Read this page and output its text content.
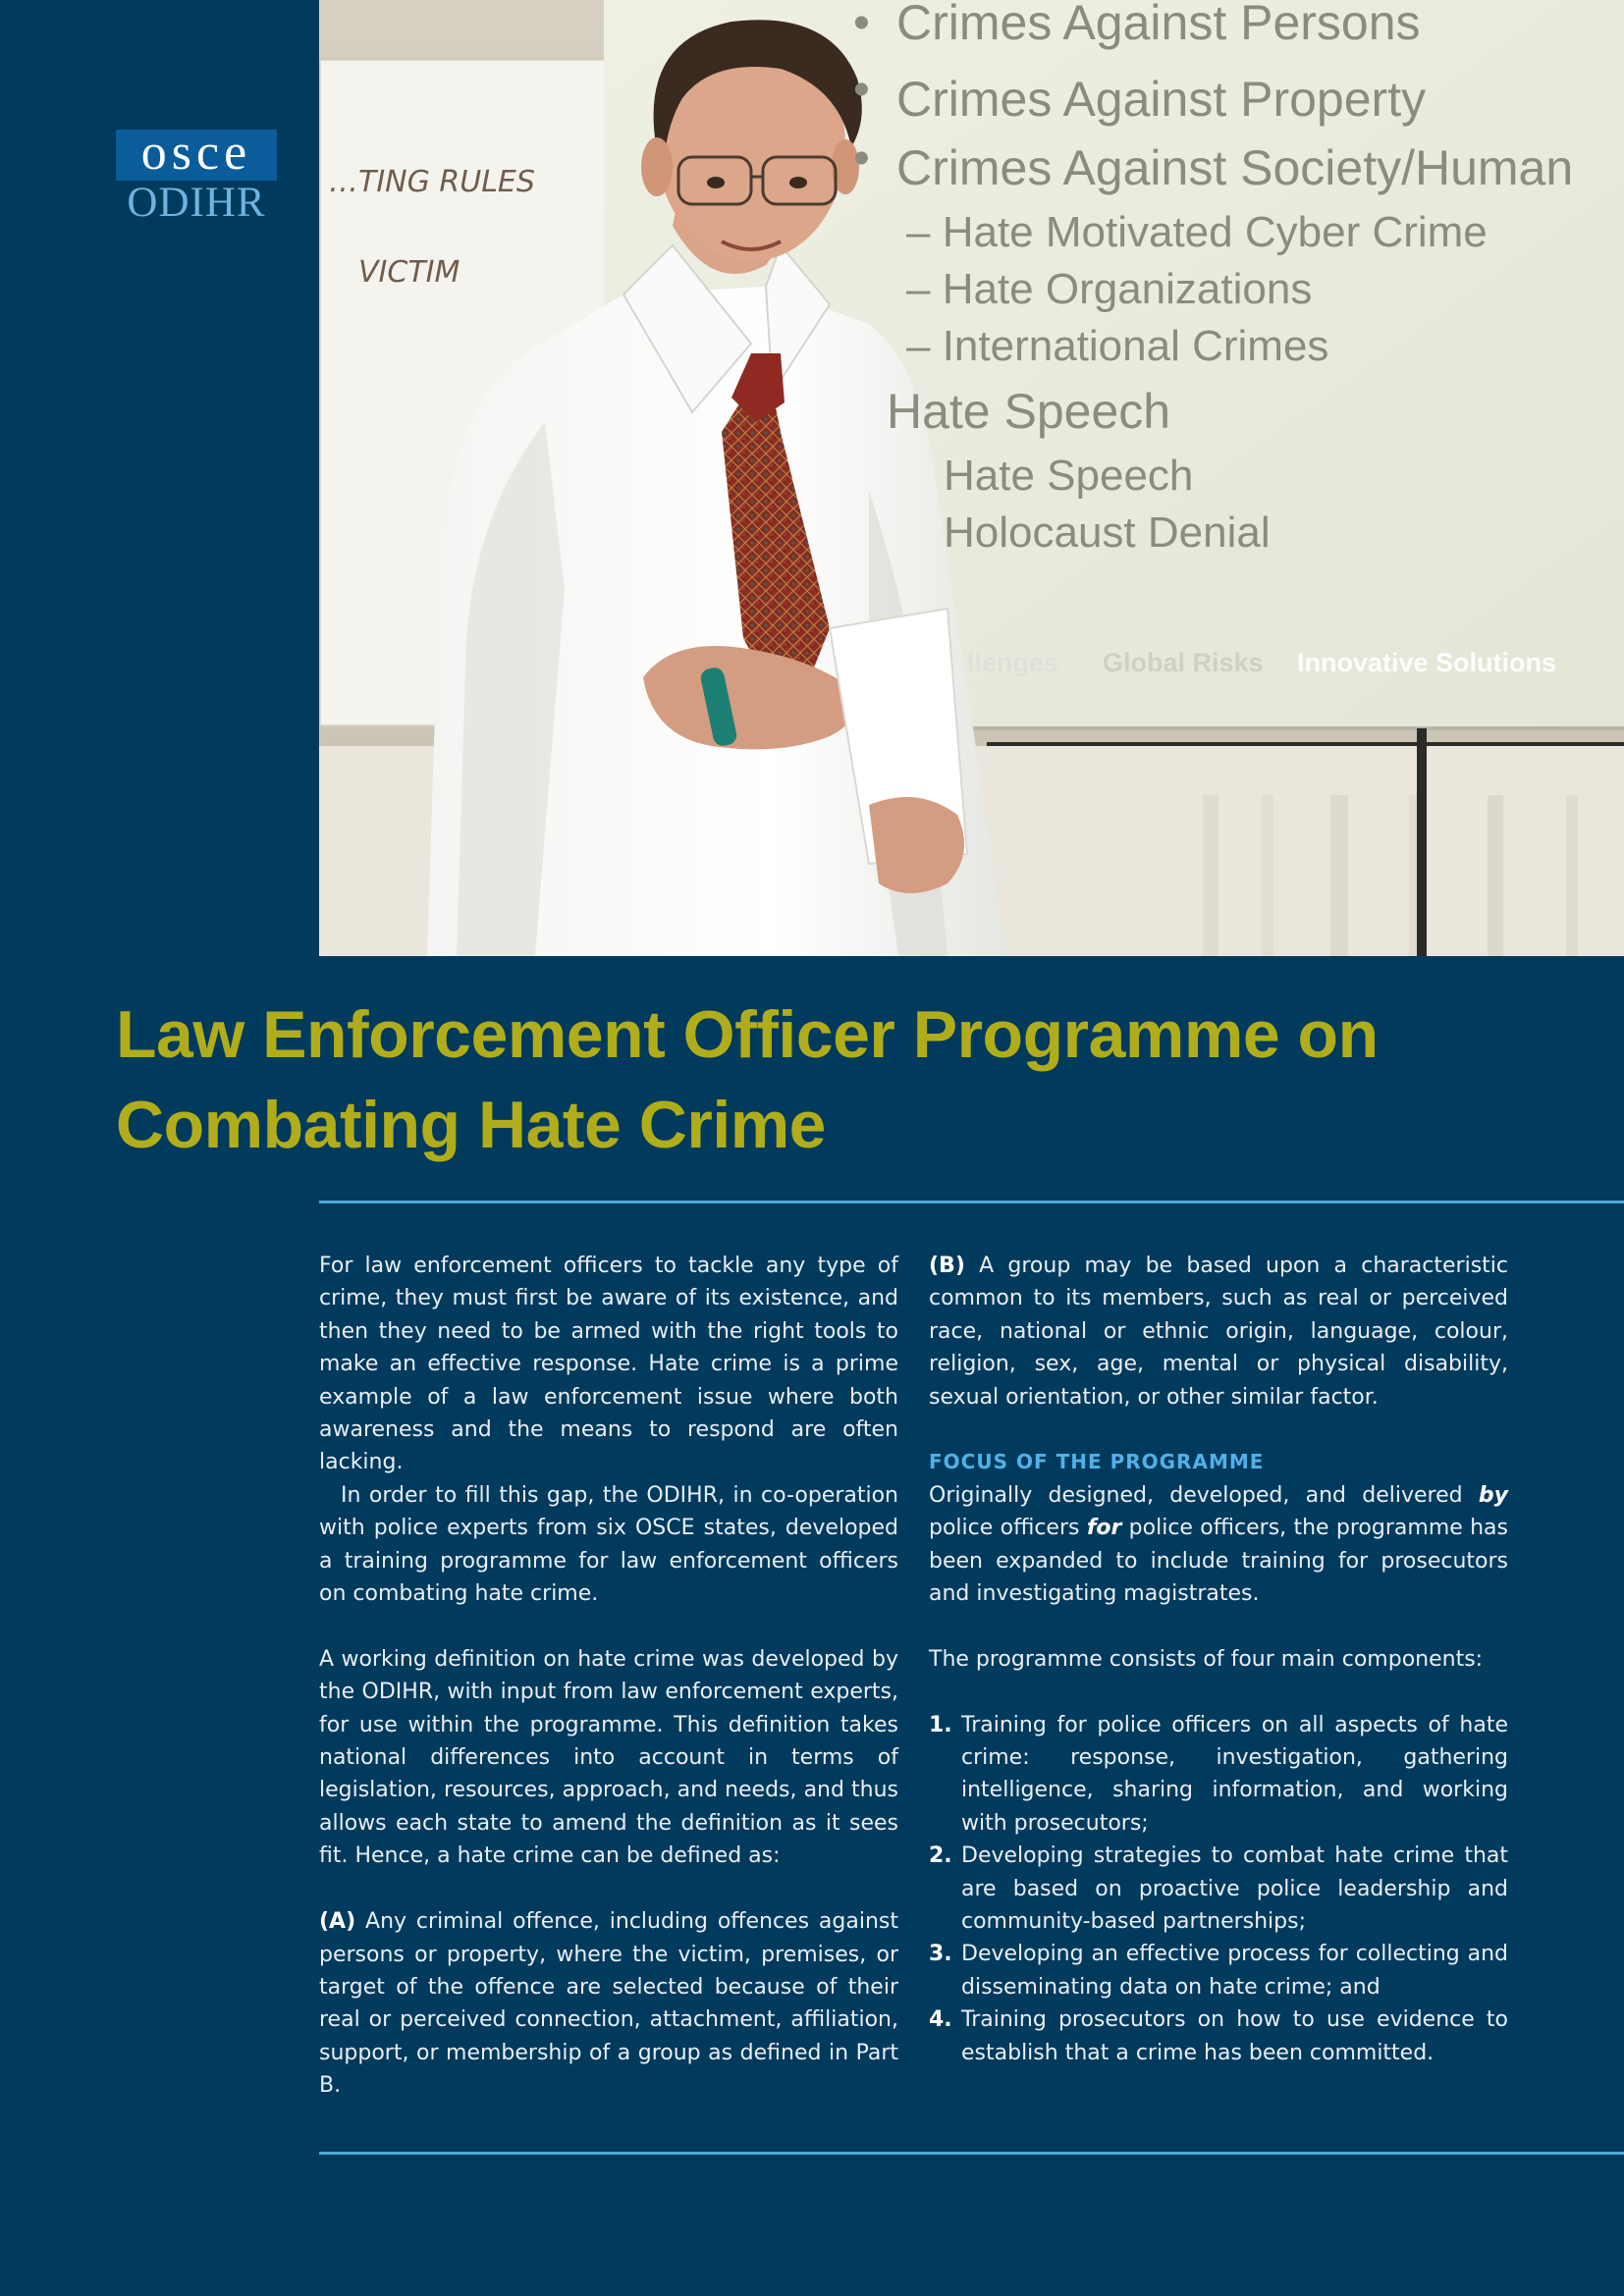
osce
ODIHR	…TING RULES
VICTIM
• Crimes Against Persons
• Crimes Against Property
• Crimes Against Society/Human
– Hate Motivated Cyber Crime
– Hate Organizations
– International Crimes
Hate Speech
Hate Speech
Holocaust Denial
llenges Global Risks Innovative Solutions
Law Enforcement Officer Programme on Combating Hate Crime

For law enforcement officers to tackle any type of crime, they must first be aware of its existence, and then they need to be armed with the right tools to make an effective response. Hate crime is a prime example of a law enforcement issue where both awareness and the means to respond are often lacking.

In order to fill this gap, the ODIHR, in co-operation with police experts from six OSCE states, developed a training programme for law enforcement officers on combating hate crime.

A working definition on hate crime was developed by the ODIHR, with input from law enforcement experts, for use within the programme. This definition takes national differences into account in terms of legislation, resources, approach, and needs, and thus allows each state to amend the definition as it sees fit. Hence, a hate crime can be defined as:

(A) Any criminal offence, including offences against persons or property, where the victim, premises, or target of the offence are selected because of their real or perceived connection, attachment, affiliation, support, or membership of a group as defined in Part B.

(B) A group may be based upon a characteristic common to its members, such as real or perceived race, national or ethnic origin, language, colour, religion, sex, age, mental or physical disability, sexual orientation, or other similar factor.

FOCUS OF THE PROGRAMME

Originally designed, developed, and delivered by police officers for police officers, the programme has been expanded to include training for prosecutors and investigating magistrates.

The programme consists of four main components:

1. Training for police officers on all aspects of hate crime: response, investigation, gathering intelligence, sharing information, and working with prosecutors;
2. Developing strategies to combat hate crime that are based on proactive police leadership and community-based partnerships;
3. Developing an effective process for collecting and disseminating data on hate crime; and
4. Training prosecutors on how to use evidence to establish that a crime has been committed.
